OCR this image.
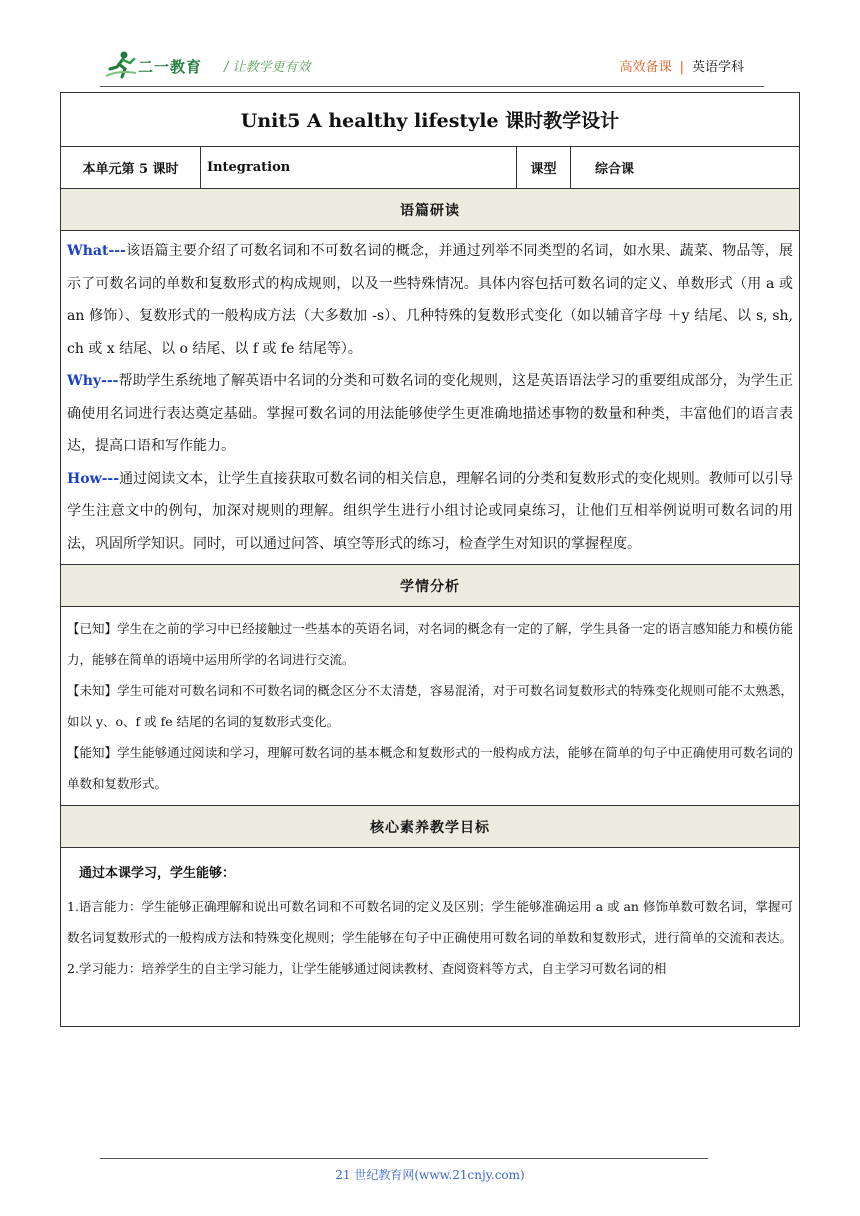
二一教育 / 让教学更有效	高效备课 | 英语学科
Unit5 A healthy lifestyle 课时教学设计
本单元第 5 课时	Integration	课型	综合课
语篇研读

What---该语篇主要介绍了可数名词和不可数名词的概念，并通过列举不同类型的名词，如水果、蔬菜、物品等，展示了可数名词的单数和复数形式的构成规则，以及一些特殊情况。具体内容包括可数名词的定义、单数形式（用 a 或 an 修饰）、复数形式的一般构成方法（大多数加 -s）、几种特殊的复数形式变化（如以辅音字母 ＋y 结尾、以 s, sh, ch 或 x 结尾、以 o 结尾、以 f 或 fe 结尾等）。

Why---帮助学生系统地了解英语中名词的分类和可数名词的变化规则，这是英语语法学习的重要组成部分，为学生正确使用名词进行表达奠定基础。掌握可数名词的用法能够使学生更准确地描述事物的数量和种类，丰富他们的语言表达，提高口语和写作能力。

How---通过阅读文本，让学生直接获取可数名词的相关信息，理解名词的分类和复数形式的变化规则。教师可以引导学生注意文中的例句，加深对规则的理解。组织学生进行小组讨论或同桌练习，让他们互相举例说明可数名词的用法，巩固所学知识。同时，可以通过问答、填空等形式的练习，检查学生对知识的掌握程度。

学情分析

【已知】学生在之前的学习中已经接触过一些基本的英语名词，对名词的概念有一定的了解，学生具备一定的语言感知能力和模仿能力，能够在简单的语境中运用所学的名词进行交流。

【未知】学生可能对可数名词和不可数名词的概念区分不太清楚，容易混淆，对于可数名词复数形式的特殊变化规则可能不太熟悉，如以 y、o、f 或 fe 结尾的名词的复数形式变化。

【能知】学生能够通过阅读和学习，理解可数名词的基本概念和复数形式的一般构成方法，能够在简单的句子中正确使用可数名词的单数和复数形式。

核心素养教学目标

通过本课学习，学生能够：

1.语言能力：学生能够正确理解和说出可数名词和不可数名词的定义及区别；学生能够准确运用 a 或 an 修饰单数可数名词，掌握可数名词复数形式的一般构成方法和特殊变化规则；学生能够在句子中正确使用可数名词的单数和复数形式，进行简单的交流和表达。

2.学习能力：培养学生的自主学习能力，让学生能够通过阅读教材、查阅资料等方式，自主学习可数名词的相

21 世纪教育网(www.21cnjy.com)
